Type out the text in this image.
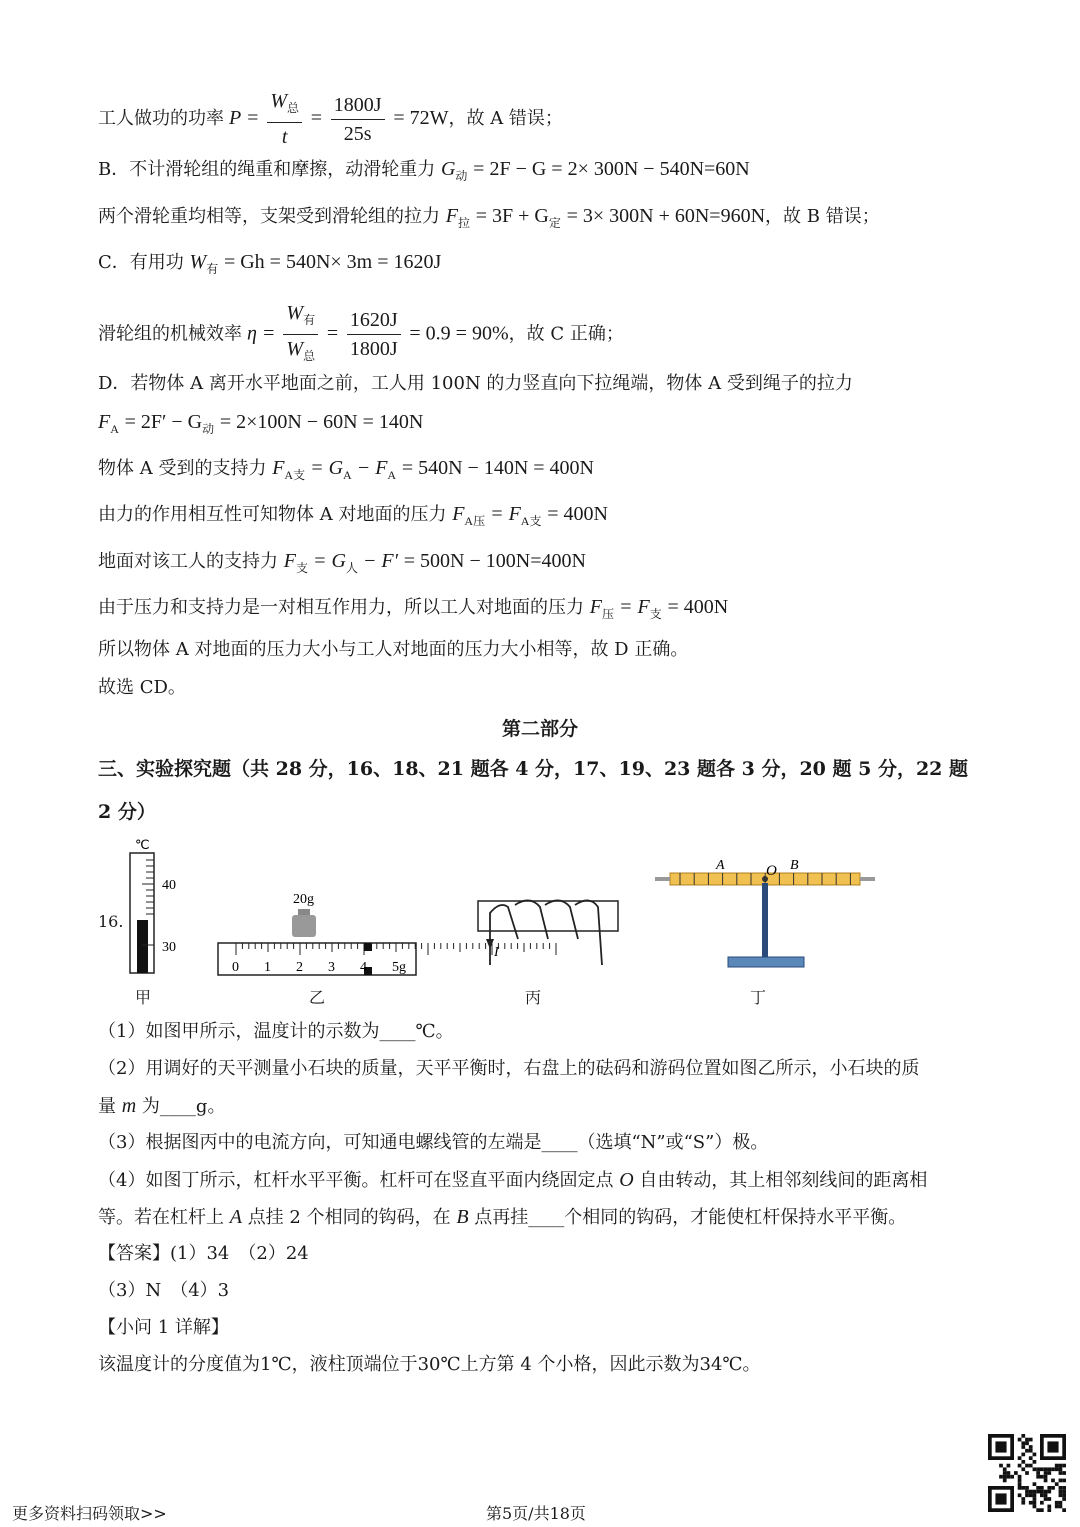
工人做功的功率 $P = \frac{W_总}{t} = \frac{1800J}{25s} = 72W$，故 A 错误；
B．不计滑轮组的绳重和摩擦，动滑轮重力 $G_动 = 2F - G = 2\times 300N - 540N=60N$
两个滑轮重均相等，支架受到滑轮组的拉力 $F_拉 = 3F + G_定 = 3\times 300N + 60N=960N$，故 B 错误；
C．有用功 $W_有 = Gh = 540N\times 3m = 1620J$
滑轮组的机械效率 $\eta = \frac{W_有}{W_总} = \frac{1620J}{1800J} = 0.9 = 90\%$，故 C 正确；
D．若物体 A 离开水平地面之前，工人用 100N 的力竖直向下拉绳端，物体 A 受到绳子的拉力
$F_A = 2F' - G_动 = 2\times 100N - 60N = 140N$
物体 A 受到的支持力 $F_{A支} = G_A - F_A = 540N - 140N = 400N$
由力的作用相互性可知物体 A 对地面的压力 $F_{A压} = F_{A支} = 400N$
地面对该工人的支持力 $F_支 = G_人 - F' = 500N - 100N=400N$
由于压力和支持力是一对相互作用力，所以工人对地面的压力 $F_压 = F_支 = 400N$
所以物体 A 对地面的压力大小与工人对地面的压力大小相等，故 D 正确。
故选 CD。
第二部分
三、实验探究题（共 28 分，16、18、21 题各 4 分，17、19、23 题各 3 分，20 题 5 分，22 题
2 分）
16.
℃
40
30
20g
0 1 2 3 4 5g
I
A	O B
甲	乙	丙	丁
（1）如图甲所示，温度计的示数为____℃。
（2）用调好的天平测量小石块的质量，天平平衡时，右盘上的砝码和游码位置如图乙所示，小石块的质
量 m 为____g。
（3）根据图丙中的电流方向，可知通电螺线管的左端是____（选填“N”或“S”）极。
（4）如图丁所示，杠杆水平平衡。杠杆可在竖直平面内绕固定点 O 自由转动，其上相邻刻线间的距离相
等。若在杠杆上 A 点挂 2 个相同的钩码，在 B 点再挂____个相同的钩码，才能使杠杆保持水平平衡。
【答案】(1）34　（2）24
（3）N　（4）3
【小问 1 详解】
该温度计的分度值为1℃，液柱顶端位于30℃上方第 4 个小格，因此示数为34℃。
更多资料扫码领取>>	第5页/共18页
